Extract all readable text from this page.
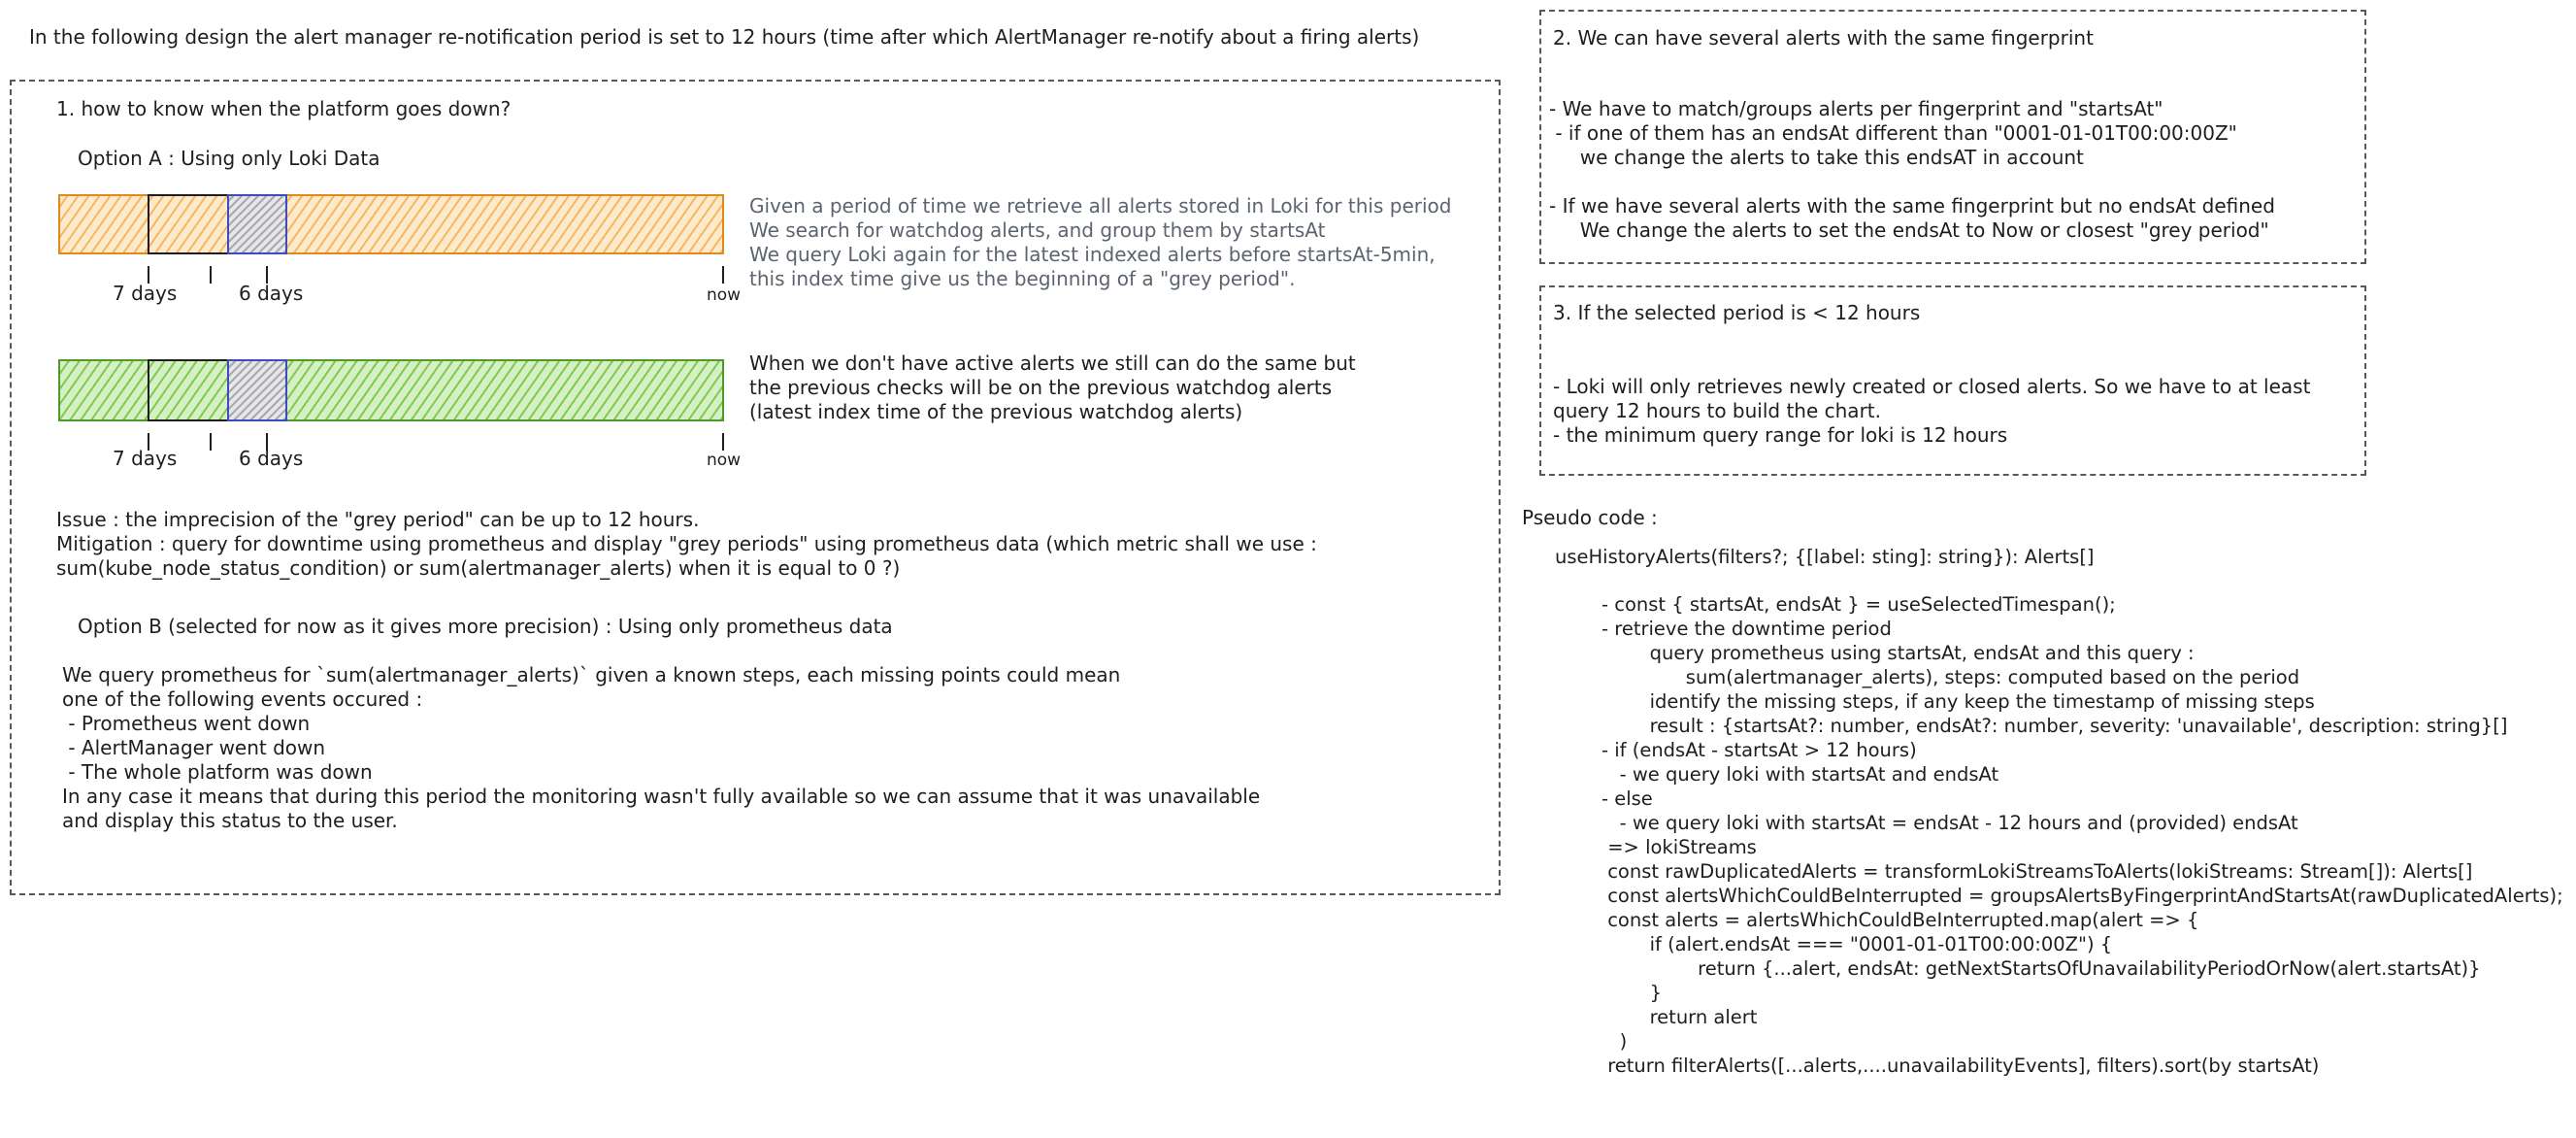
In the following design the alert manager re-notification period is set to 12 hours (time after which AlertManager re-notify about a firing alerts)

1. how to know when the platform goes down?

Option A : Using only Loki Data

7 days	6 days	now

Given a period of time we retrieve all alerts stored in Loki for this period

We search for watchdog alerts, and group them by startsAt

We query Loki again for the latest indexed alerts before startsAt-5min,

this index time give us the beginning of a "grey period".

7 days	6 days	now

When we don't have active alerts we still can do the same but

the previous checks will be on the previous watchdog alerts

(latest index time of the previous watchdog alerts)

Issue : the imprecision of the "grey period" can be up to 12 hours.

Mitigation : query for downtime using prometheus and display "grey periods" using prometheus data (which metric shall we use :

sum(kube_node_status_condition) or sum(alertmanager_alerts) when it is equal to 0 ?)

Option B (selected for now as it gives more precision) : Using only prometheus data

We query prometheus for `sum(alertmanager_alerts)` given a known steps, each missing points could mean

one of the following events occured :

- Prometheus went down

- AlertManager went down

- The whole platform was down

In any case it means that during this period the monitoring wasn't fully available so we can assume that it was unavailable

and display this status to the user.

2. We can have several alerts with the same fingerprint

- We have to match/groups alerts per fingerprint and "startsAt"

- if one of them has an endsAt different than "0001-01-01T00:00:00Z"

we change the alerts to take this endsAT in account

- If we have several alerts with the same fingerprint but no endsAt defined

We change the alerts to set the endsAt to Now or closest "grey period"

3. If the selected period is < 12 hours

- Loki will only retrieves newly created or closed alerts. So we have to at least

query 12 hours to build the chart.

- the minimum query range for loki is 12 hours

Pseudo code :

useHistoryAlerts(filters?; {[label: sting]: string}): Alerts[]

- const { startsAt, endsAt } = useSelectedTimespan();

- retrieve the downtime period

query prometheus using startsAt, endsAt and this query :

sum(alertmanager_alerts), steps: computed based on the period

identify the missing steps, if any keep the timestamp of missing steps

result : {startsAt?: number, endsAt?: number, severity: 'unavailable', description: string}[]

- if (endsAt - startsAt > 12 hours)

- we query loki with startsAt and endsAt

- else

- we query loki with startsAt = endsAt - 12 hours and (provided) endsAt

=> lokiStreams

const rawDuplicatedAlerts = transformLokiStreamsToAlerts(lokiStreams: Stream[]): Alerts[]

const alertsWhichCouldBeInterrupted = groupsAlertsByFingerprintAndStartsAt(rawDuplicatedAlerts);

const alerts = alertsWhichCouldBeInterrupted.map(alert => {

if (alert.endsAt === "0001-01-01T00:00:00Z") {

return {...alert, endsAt: getNextStartsOfUnavailabilityPeriodOrNow(alert.startsAt)}

}

return alert

)

return filterAlerts([...alerts,....unavailabilityEvents], filters).sort(by startsAt)
